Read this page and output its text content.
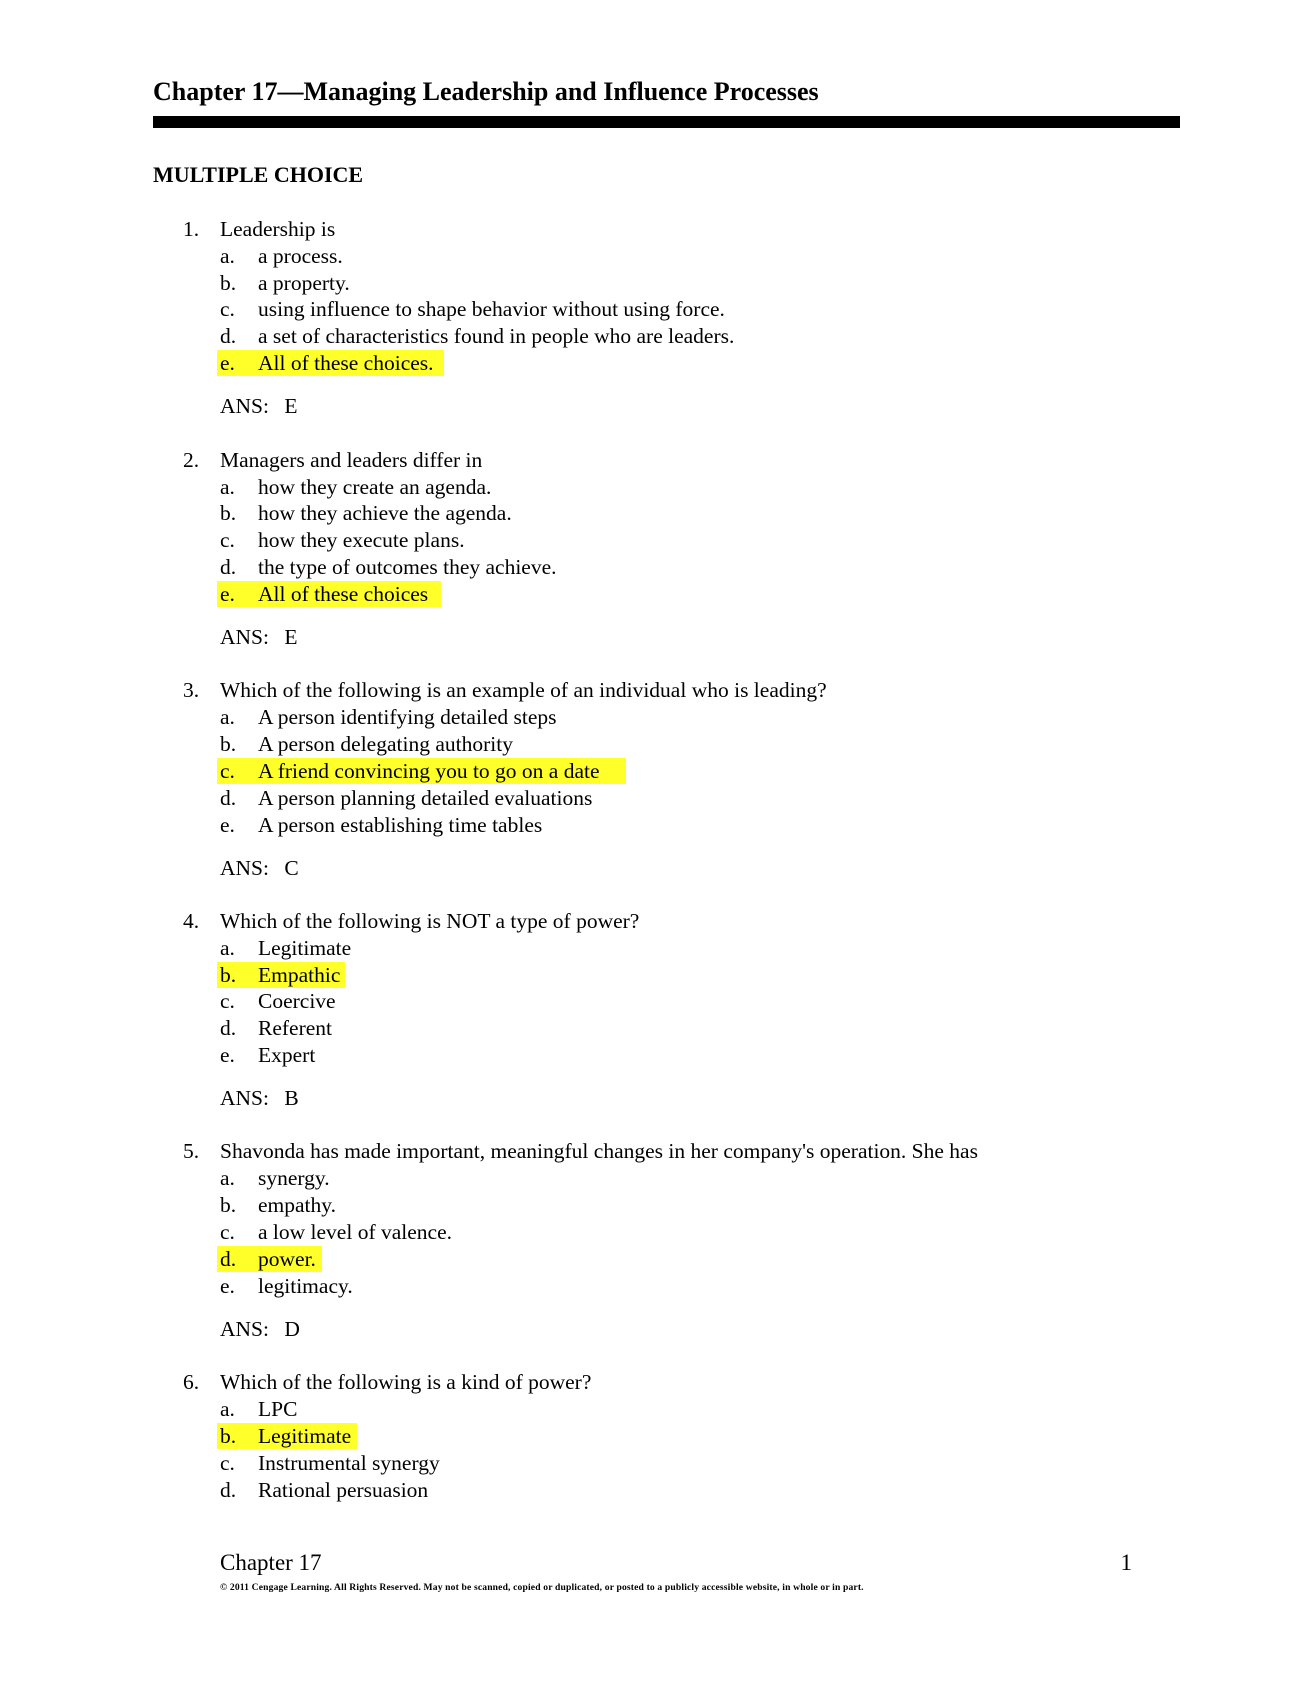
Chapter 17—Managing Leadership and Influence Processes
MULTIPLE CHOICE
1. Leadership is
a. a process.
b. a property.
c. using influence to shape behavior without using force.
d. a set of characteristics found in people who are leaders.
e. All of these choices.
ANS: E
2. Managers and leaders differ in
a. how they create an agenda.
b. how they achieve the agenda.
c. how they execute plans.
d. the type of outcomes they achieve.
e. All of these choices
ANS: E
3. Which of the following is an example of an individual who is leading?
a. A person identifying detailed steps
b. A person delegating authority
c. A friend convincing you to go on a date
d. A person planning detailed evaluations
e. A person establishing time tables
ANS: C
4. Which of the following is NOT a type of power?
a. Legitimate
b. Empathic
c. Coercive
d. Referent
e. Expert
ANS: B
5. Shavonda has made important, meaningful changes in her company's operation. She has
a. synergy.
b. empathy.
c. a low level of valence.
d. power.
e. legitimacy.
ANS: D
6. Which of the following is a kind of power?
a. LPC
b. Legitimate
c. Instrumental synergy
d. Rational persuasion
Chapter 17	1
© 2011 Cengage Learning. All Rights Reserved. May not be scanned, copied or duplicated, or posted to a publicly accessible website, in whole or in part.
